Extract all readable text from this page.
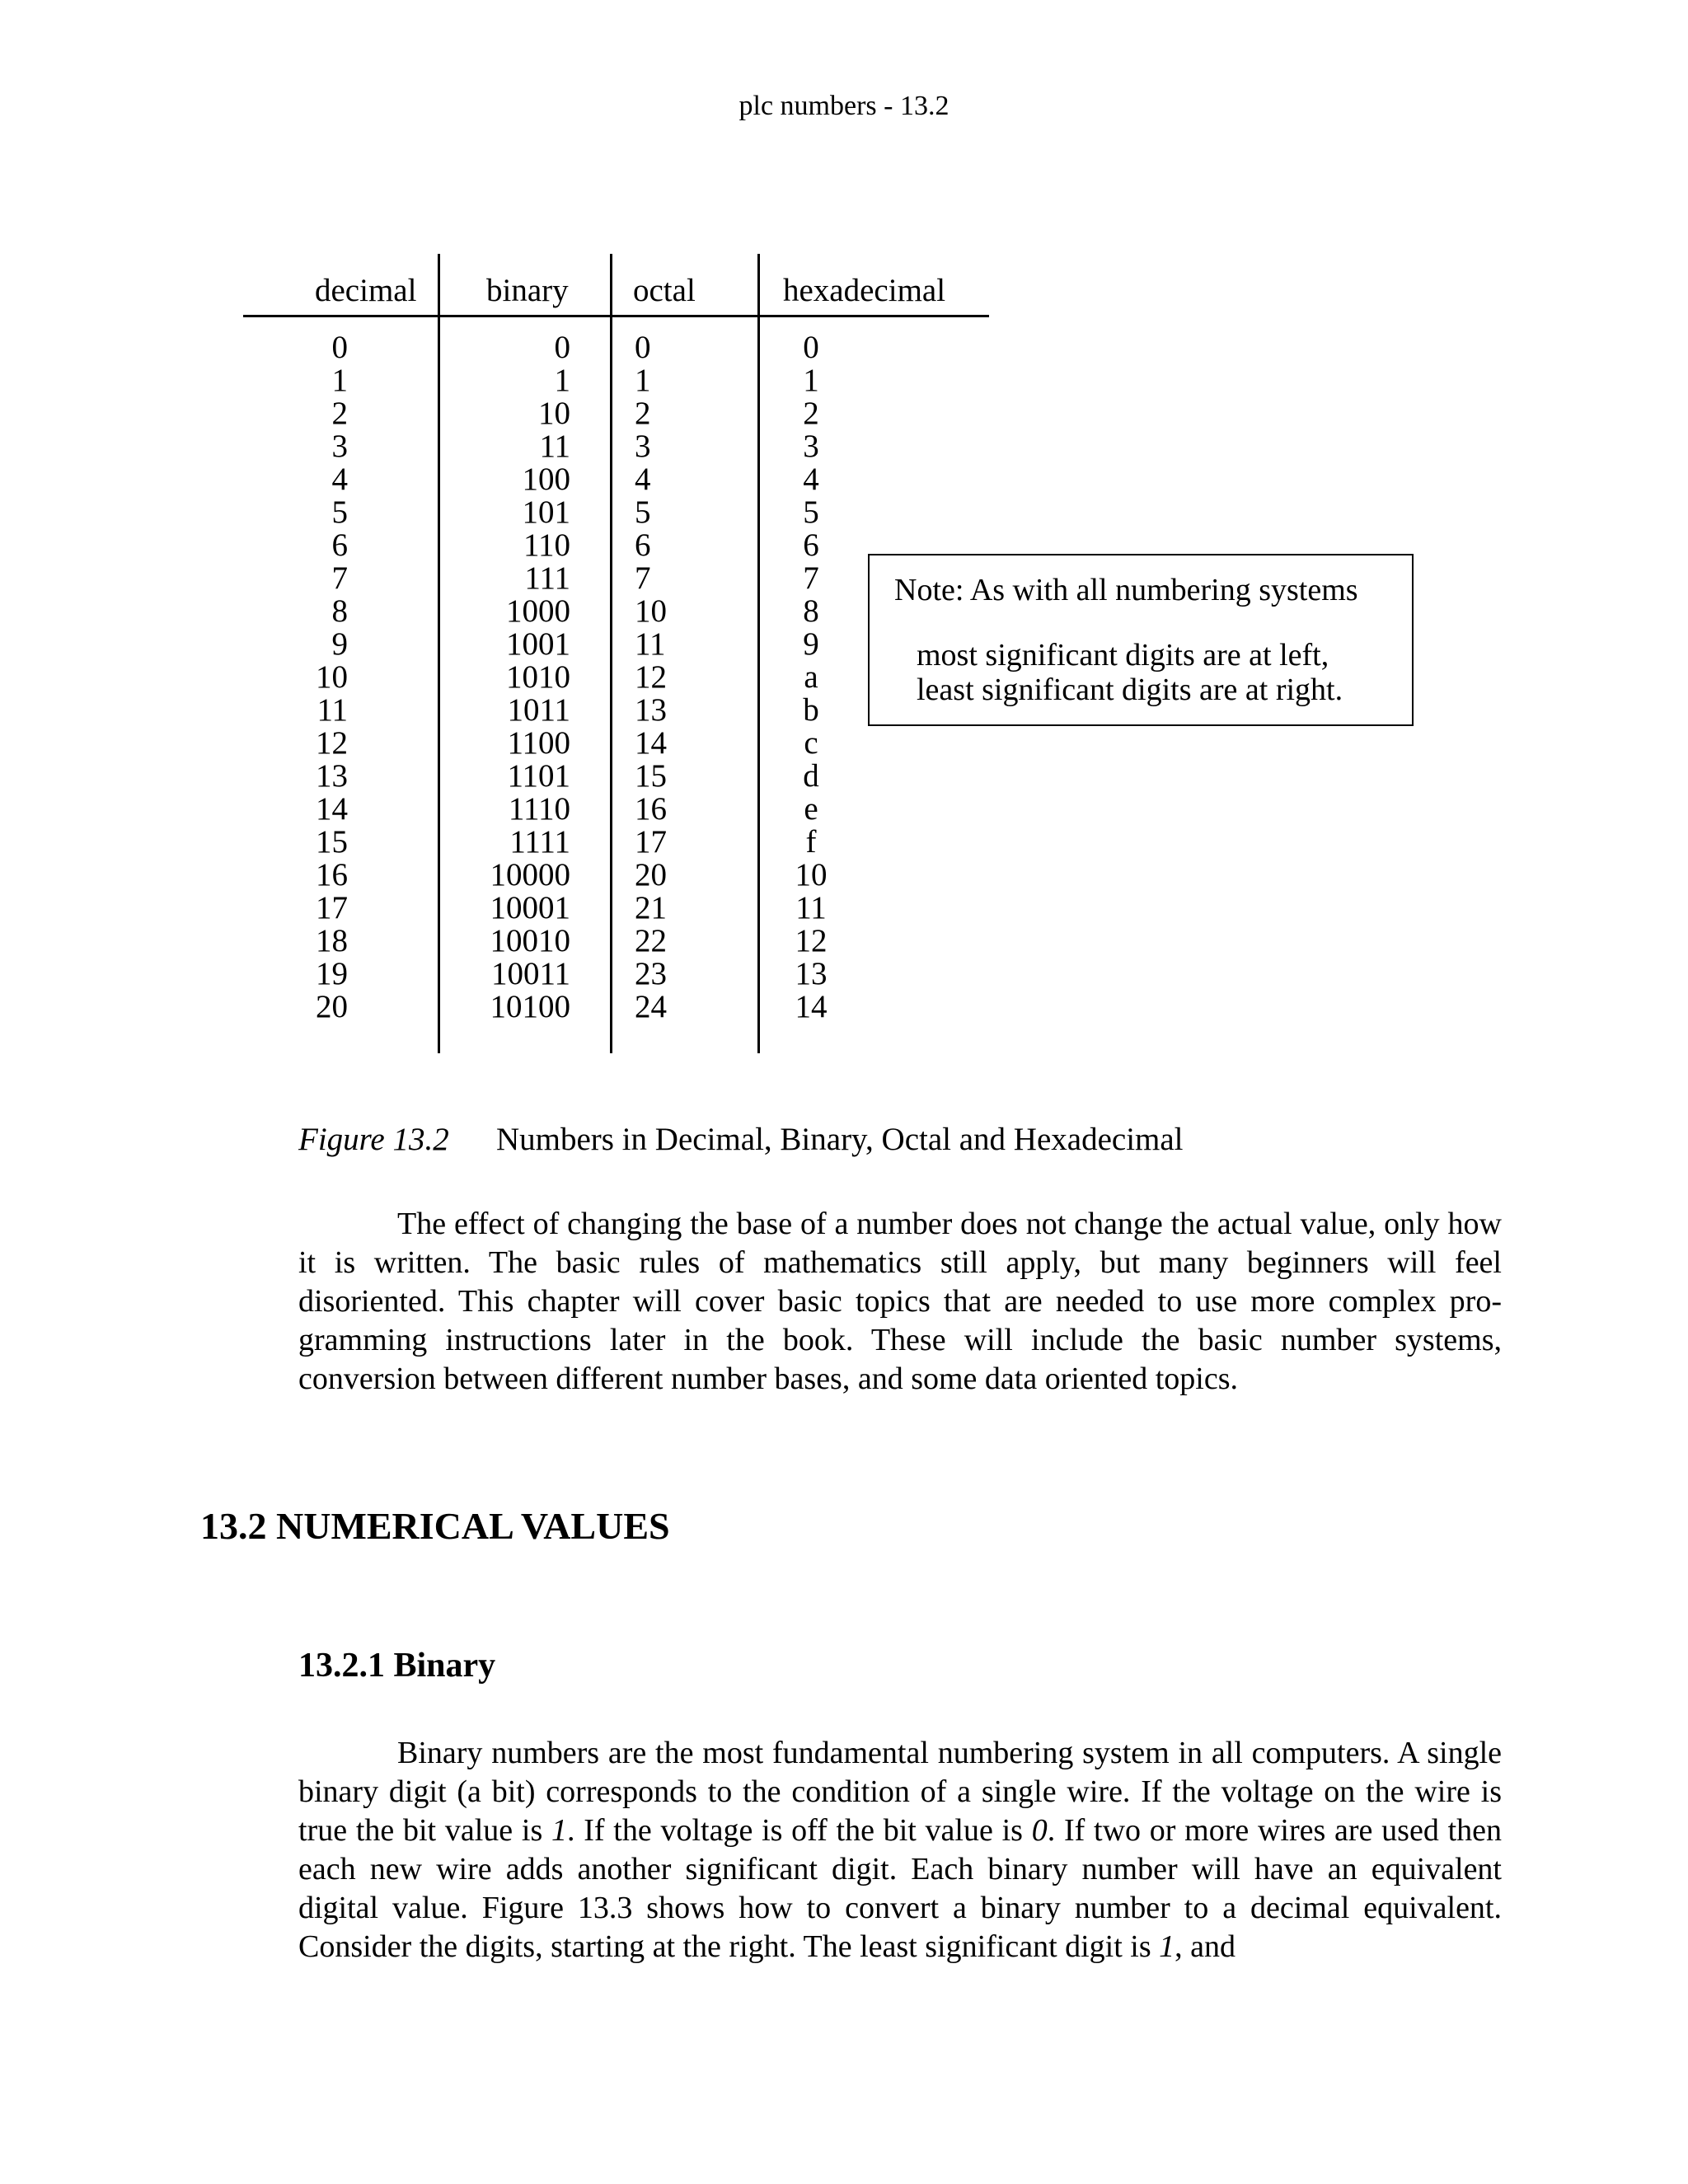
plc numbers - 13.2
decimal binary octal	hexadecimal
0
1
2
3
4
5
6
7
8
9
10
11
12
13
14
15
16
17
18
19
20
0
1
10
11
100
101
110
111
1000
1001
1010
1011
1100
1101
1110
1111
10000
10001
10010
10011
10100
0
1
2
3
4
5
6
7
10
11
12
13
14
15
16
17
20
21
22
23
24
0
1
2
3
4
5
6
7
8
9
a
b
c
d
e
f
10
11
12
13
14
Note: As with all numbering systems
most significant digits are at left,
least significant digits are at right.
Figure 13.2 Numbers in Decimal, Binary, Octal and Hexadecimal

The effect of changing the base of a number does not change the actual value, only how it is written. The basic rules of mathematics still apply, but many beginners will feel disoriented. This chapter will cover basic topics that are needed to use more complex programming instructions later in the book. These will include the basic number systems, conversion between different number bases, and some data oriented topics.

13.2 NUMERICAL VALUES
13.2.1 Binary

Binary numbers are the most fundamental numbering system in all computers. A single binary digit (a bit) corresponds to the condition of a single wire. If the voltage on the wire is true the bit value is 1. If the voltage is off the bit value is 0. If two or more wires are used then each new wire adds another significant digit. Each binary number will have an equivalent digital value. Figure 13.3 shows how to convert a binary number to a decimal equivalent. Consider the digits, starting at the right. The least significant digit is 1, and
